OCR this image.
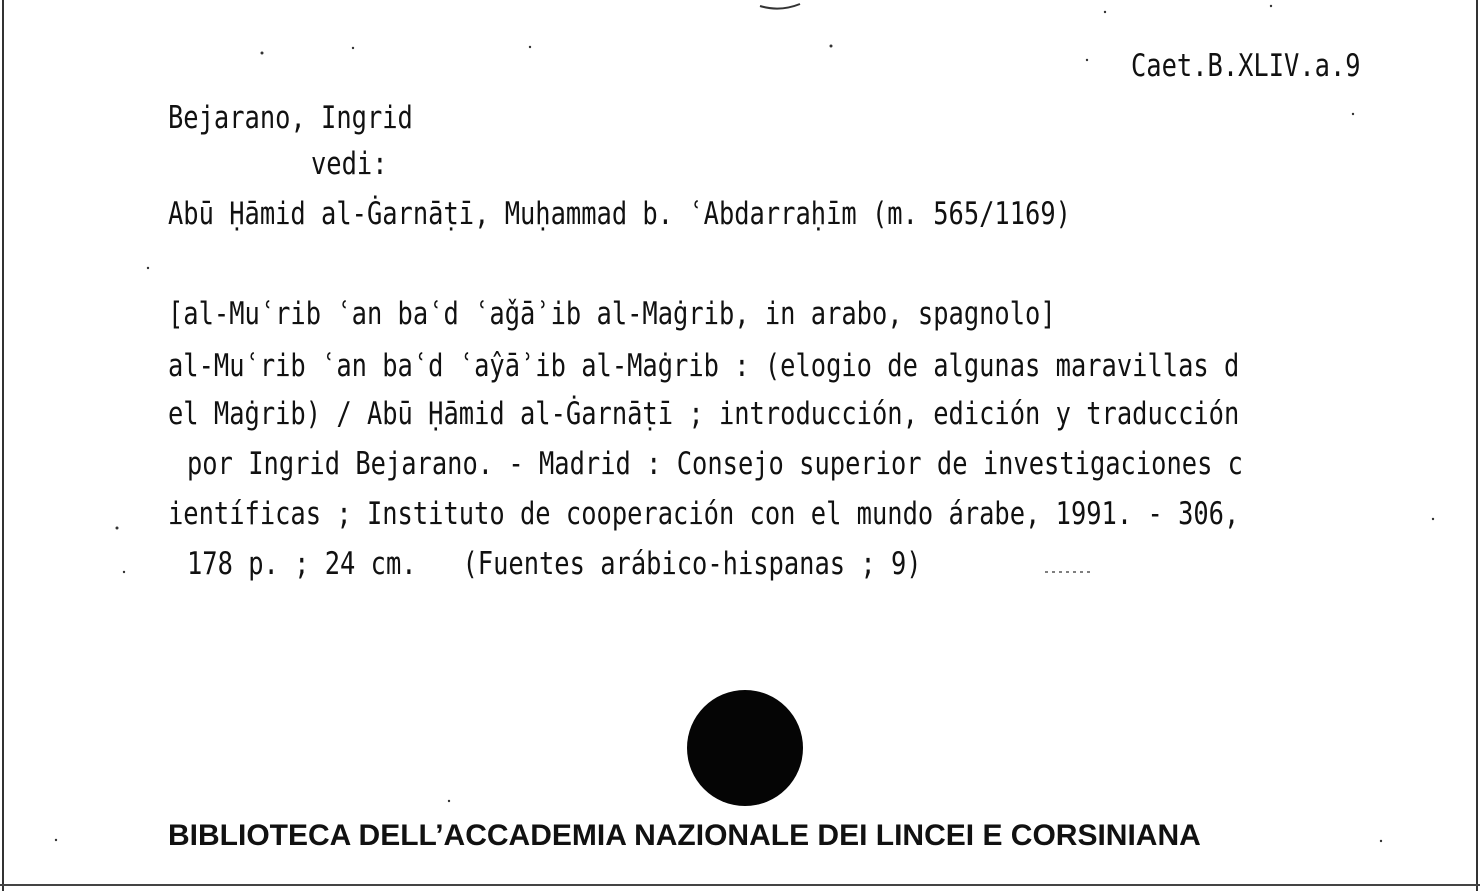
Caet.B.XLIV.a.9
Bejarano, Ingrid
vedi:
Abū Ḥāmid al-Ġarnāṭī, Muḥammad b. ʿAbdarraḥīm (m. 565/1169)
[al-Muʿrib ʿan baʿd ʿaǧāʾib al-Maġrib, in arabo, spagnolo]
al-Muʿrib ʿan baʿd ʿaŷāʾib al-Maġrib : (elogio de algunas maravillas d
el Maġrib) / Abū Ḥāmid al-Ġarnāṭī ; introducción, edición y traducción
por Ingrid Bejarano. - Madrid : Consejo superior de investigaciones c
ientíficas ; Instituto de cooperación con el mundo árabe, 1991. - 306,
178 p. ; 24 cm.   (Fuentes arábico-hispanas ; 9)
BIBLIOTECA DELL’ACCADEMIA NAZIONALE DEI LINCEI E CORSINIANA
